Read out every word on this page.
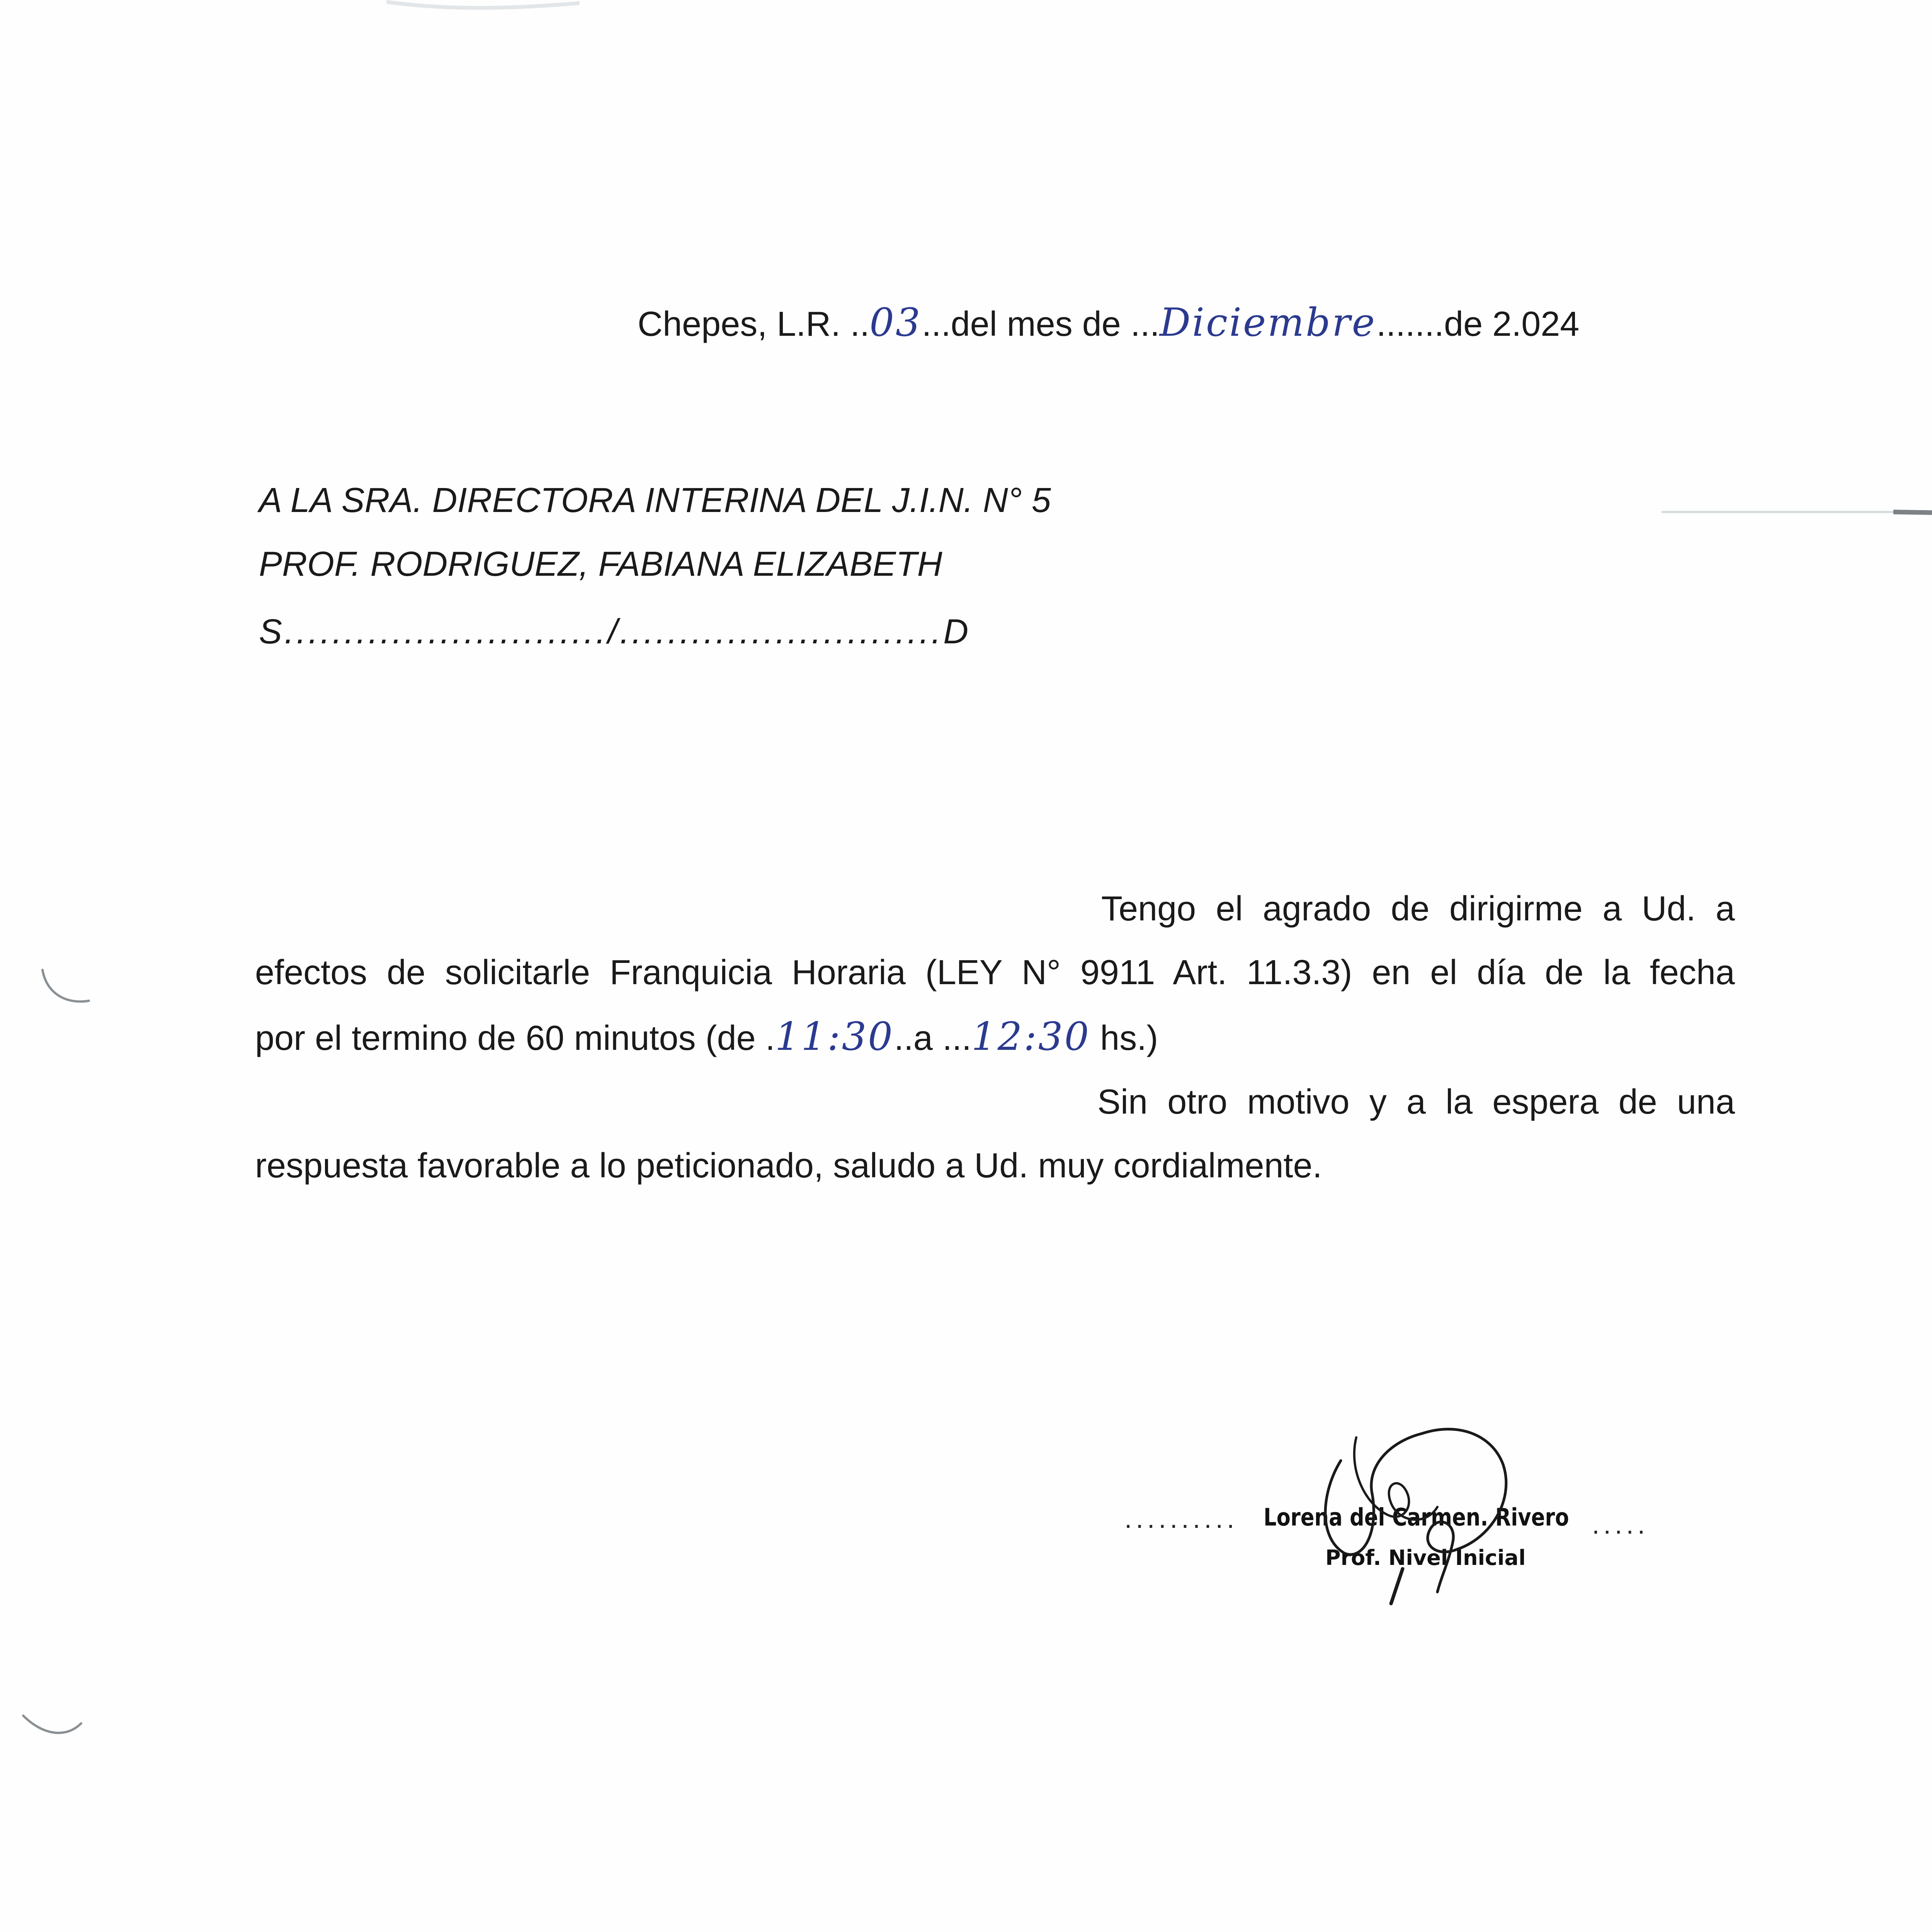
Chepes, L.R. ..03...del mes de ...Diciembre.......de 2.024
A LA SRA. DIRECTORA INTERINA DEL J.I.N. N° 5
PROF. RODRIGUEZ, FABIANA ELIZABETH
S.........................../...........................D
Tengo el agrado de dirigirme a Ud. a
efectos de solicitarle Franquicia Horaria (LEY N° 9911 Art. 11.3.3) en el día de la fecha
por el termino de 60 minutos (de .11:30..a ...12:30 hs.)
Sin otro motivo y a la espera de una
respuesta favorable a lo peticionado, saludo a Ud. muy cordialmente.
.......... Lorena del Carmen. Rivero .....
Prof. Nivel Inicial
